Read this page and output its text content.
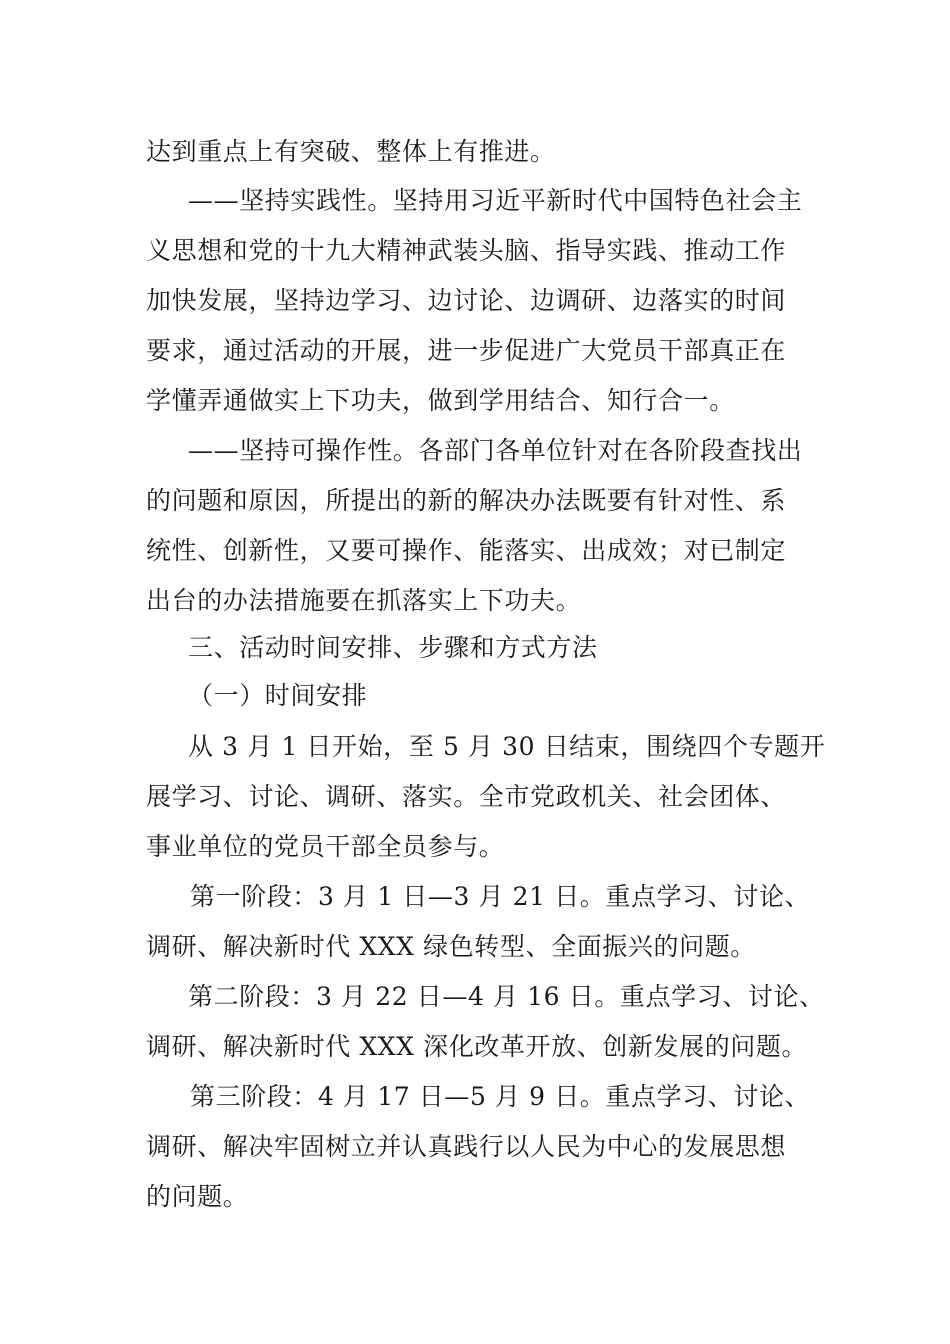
达到重点上有突破、整体上有推进。
——坚持实践性。坚持用习近平新时代中国特色社会主
义思想和党的十九大精神武装头脑、指导实践、推动工作
加快发展，坚持边学习、边讨论、边调研、边落实的时间
要求，通过活动的开展，进一步促进广大党员干部真正在
学懂弄通做实上下功夫，做到学用结合、知行合一。
——坚持可操作性。各部门各单位针对在各阶段查找出
的问题和原因，所提出的新的解决办法既要有针对性、系
统性、创新性，又要可操作、能落实、出成效；对已制定
出台的办法措施要在抓落实上下功夫。
三、活动时间安排、步骤和方式方法
（一）时间安排
从 3 月 1 日开始，至 5 月 30 日结束，围绕四个专题开
展学习、讨论、调研、落实。全市党政机关、社会团体、
事业单位的党员干部全员参与。
第一阶段：3 月 1 日—3 月 21 日。重点学习、讨论、
调研、解决新时代 XXX 绿色转型、全面振兴的问题。
第二阶段：3 月 22 日—4 月 16 日。重点学习、讨论、
调研、解决新时代 XXX 深化改革开放、创新发展的问题。
第三阶段：4 月 17 日—5 月 9 日。重点学习、讨论、
调研、解决牢固树立并认真践行以人民为中心的发展思想
的问题。
